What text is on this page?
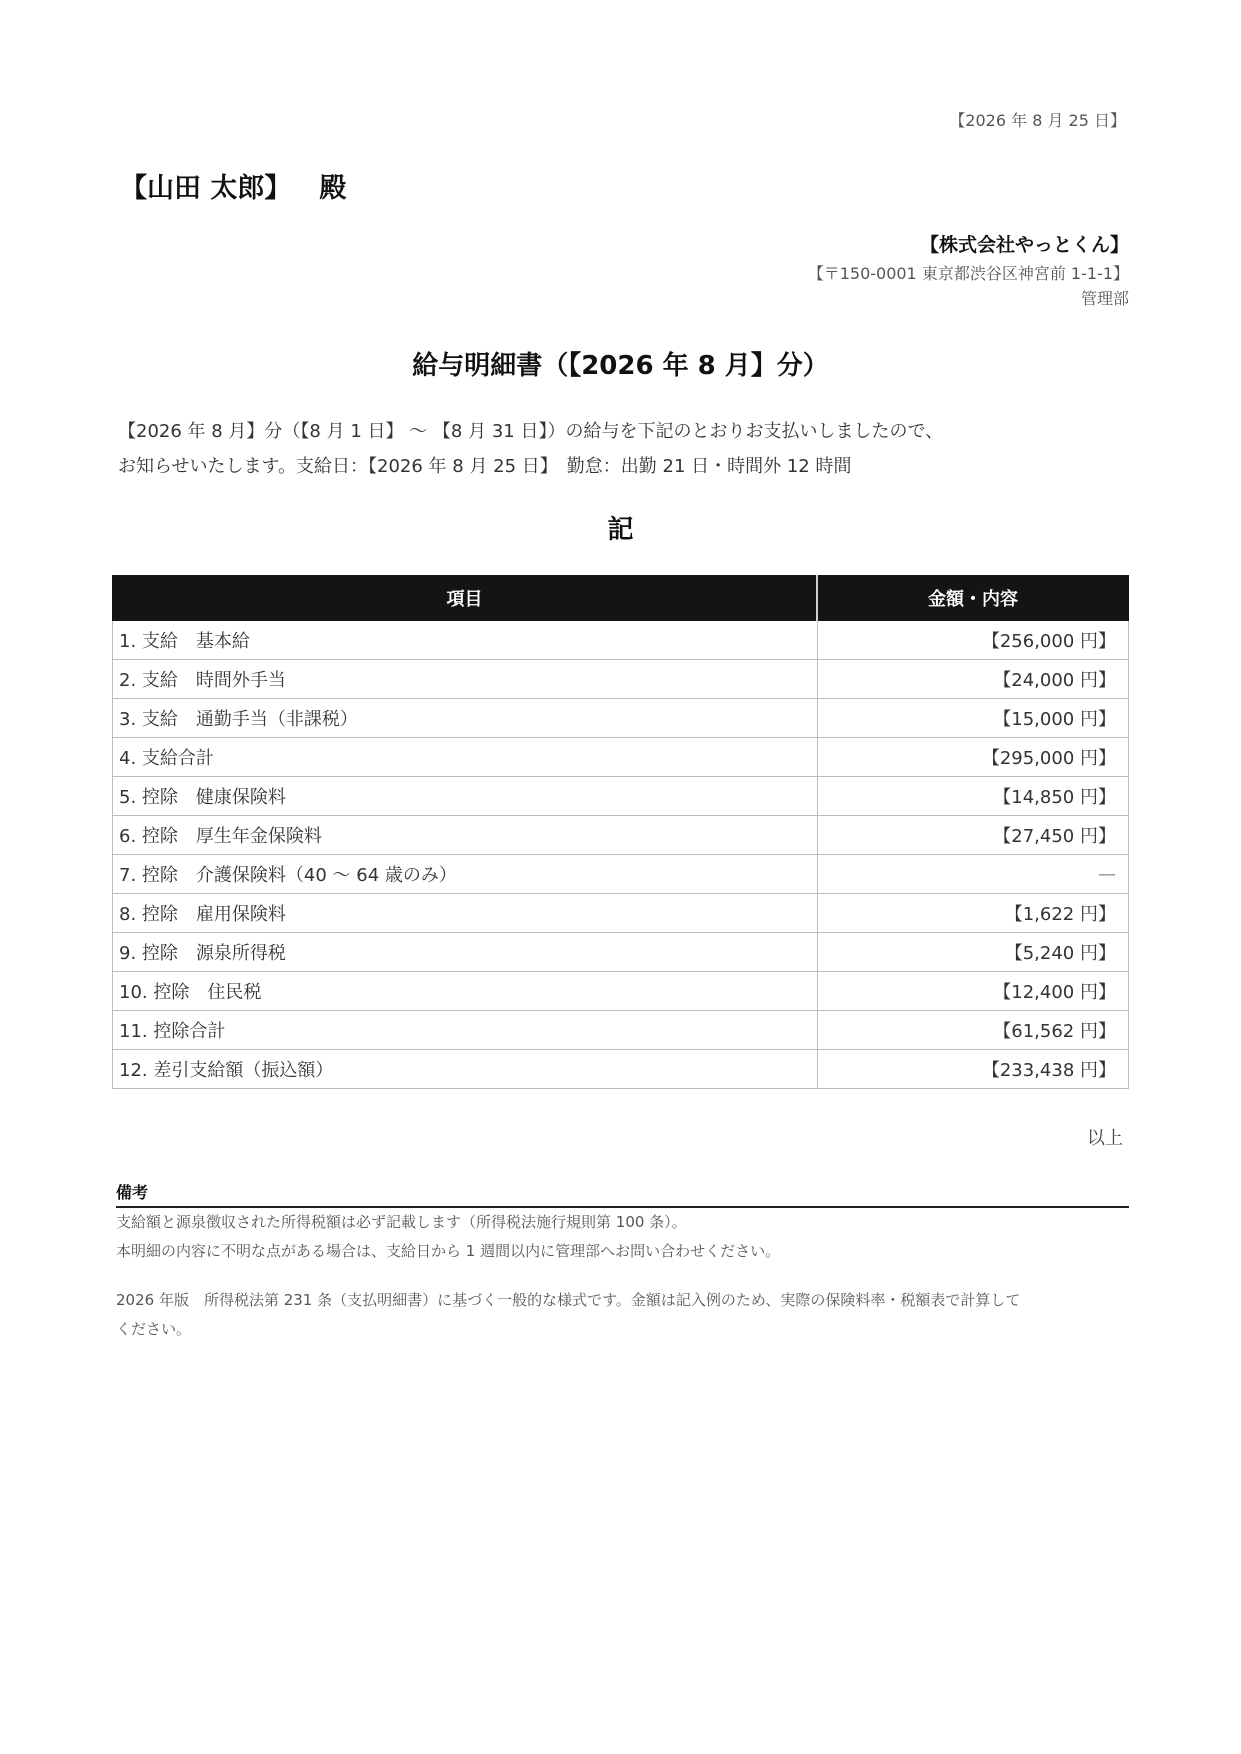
【2026 年 8 月 25 日】
【山田 太郎】 殿
【株式会社やっとくん】
【〒150-0001 東京都渋谷区神宮前 1-1-1】
管理部
給与明細書（【2026 年 8 月】分）
【2026 年 8 月】分（【8 月 1 日】 ～ 【8 月 31 日】）の給与を下記のとおりお支払いしましたので、
お知らせいたします。支給日：【2026 年 8 月 25 日】　勤怠：出勤 21 日・時間外 12 時間
記
項目	金額・内容
1. 支給　基本給	【256,000 円】
2. 支給　時間外手当	【24,000 円】
3. 支給　通勤手当（非課税）	【15,000 円】
4. 支給合計	【295,000 円】
5. 控除　健康保険料	【14,850 円】
6. 控除　厚生年金保険料	【27,450 円】
7. 控除　介護保険料（40 ～ 64 歳のみ）	—
8. 控除　雇用保険料	【1,622 円】
9. 控除　源泉所得税	【5,240 円】
10. 控除　住民税	【12,400 円】
11. 控除合計	【61,562 円】
12. 差引支給額（振込額）	【233,438 円】
以上
備考
支給額と源泉徴収された所得税額は必ず記載します（所得税法施行規則第 100 条）。
本明細の内容に不明な点がある場合は、支給日から 1 週間以内に管理部へお問い合わせください。
2026 年版　所得税法第 231 条（支払明細書）に基づく一般的な様式です。金額は記入例のため、実際の保険料率・税額表で計算して
ください。
